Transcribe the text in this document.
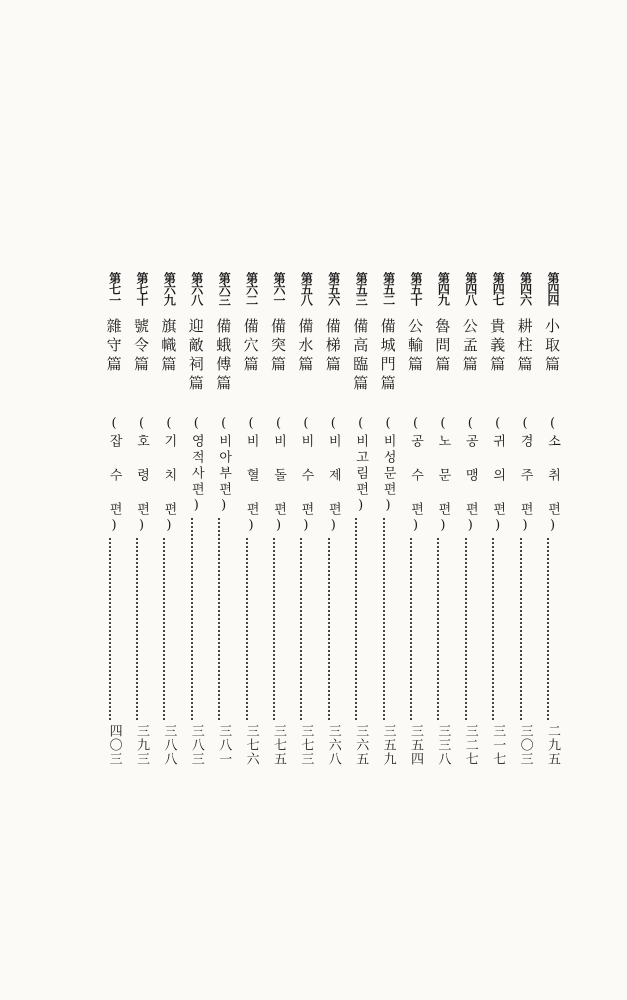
第四四
小取篇
(소 취 편)
二九五
第四六
耕柱篇
(경 주 편)
三〇三
第四七
貴義篇
(귀 의 편)
三一七
第四八
公孟篇
(공 맹 편)
三二七
第四九
魯問篇
(노 문 편)
三三八
第五十
公輸篇
(공 수 편)
三五四
第五二
備城門篇
(비성문편)
三五九
第五三
備高臨篇
(비고림편)
三六五
第五六
備梯篇
(비 제 편)
三六八
第五八
備水篇
(비 수 편)
三七三
第六一
備突篇
(비 돌 편)
三七五
第六二
備穴篇
(비 혈 편)
三七六
第六三
備蛾傅篇
(비아부편)
三八一
第六八
迎敵祠篇
(영적사편)
三八三
第六九
旗幟篇
(기 치 편)
三八八
第七十
號令篇
(호 령 편)
三九三
第七一
雜守篇
(잡 수 편)
四〇三
